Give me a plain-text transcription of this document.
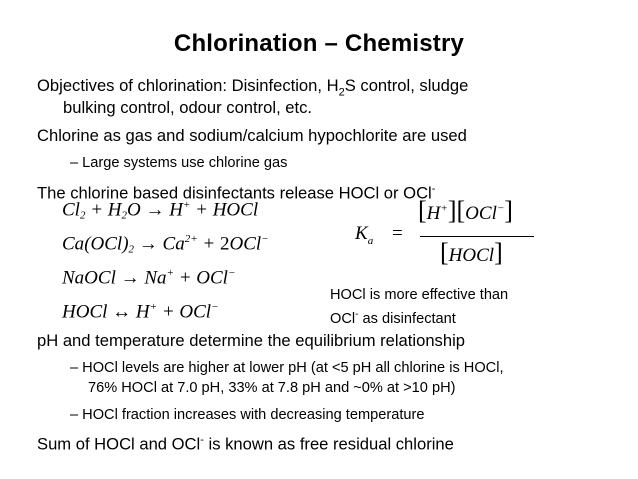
Chlorination – Chemistry
Objectives of chlorination: Disinfection, $H_2S$ control, sludge
bulking control, odour control, etc.
Chlorine as gas and sodium/calcium hypochlorite are used
– Large systems use chlorine gas
The chlorine based disinfectants release HOCl or OCl-
$Cl_2 + H_2O \to H^+$ + HOCl
$Ca(OCl)_2 \to Ca^{2+} + 2OCl^-$
NaOCl → Na+ + OCl−
HOCl ↔ H+ + OCl−
$K_a$ =
[H+][OCl−]
[HOCl]
HOCl is more effective than
OCl- as disinfectant
pH and temperature determine the equilibrium relationship
– HOCl levels are higher at lower pH (at <5 pH all chlorine is HOCl,
76% HOCl at 7.0 pH, 33% at 7.8 pH and ~0% at >10 pH)
– HOCl fraction increases with decreasing temperature
Sum of HOCl and OCl- is known as free residual chlorine
